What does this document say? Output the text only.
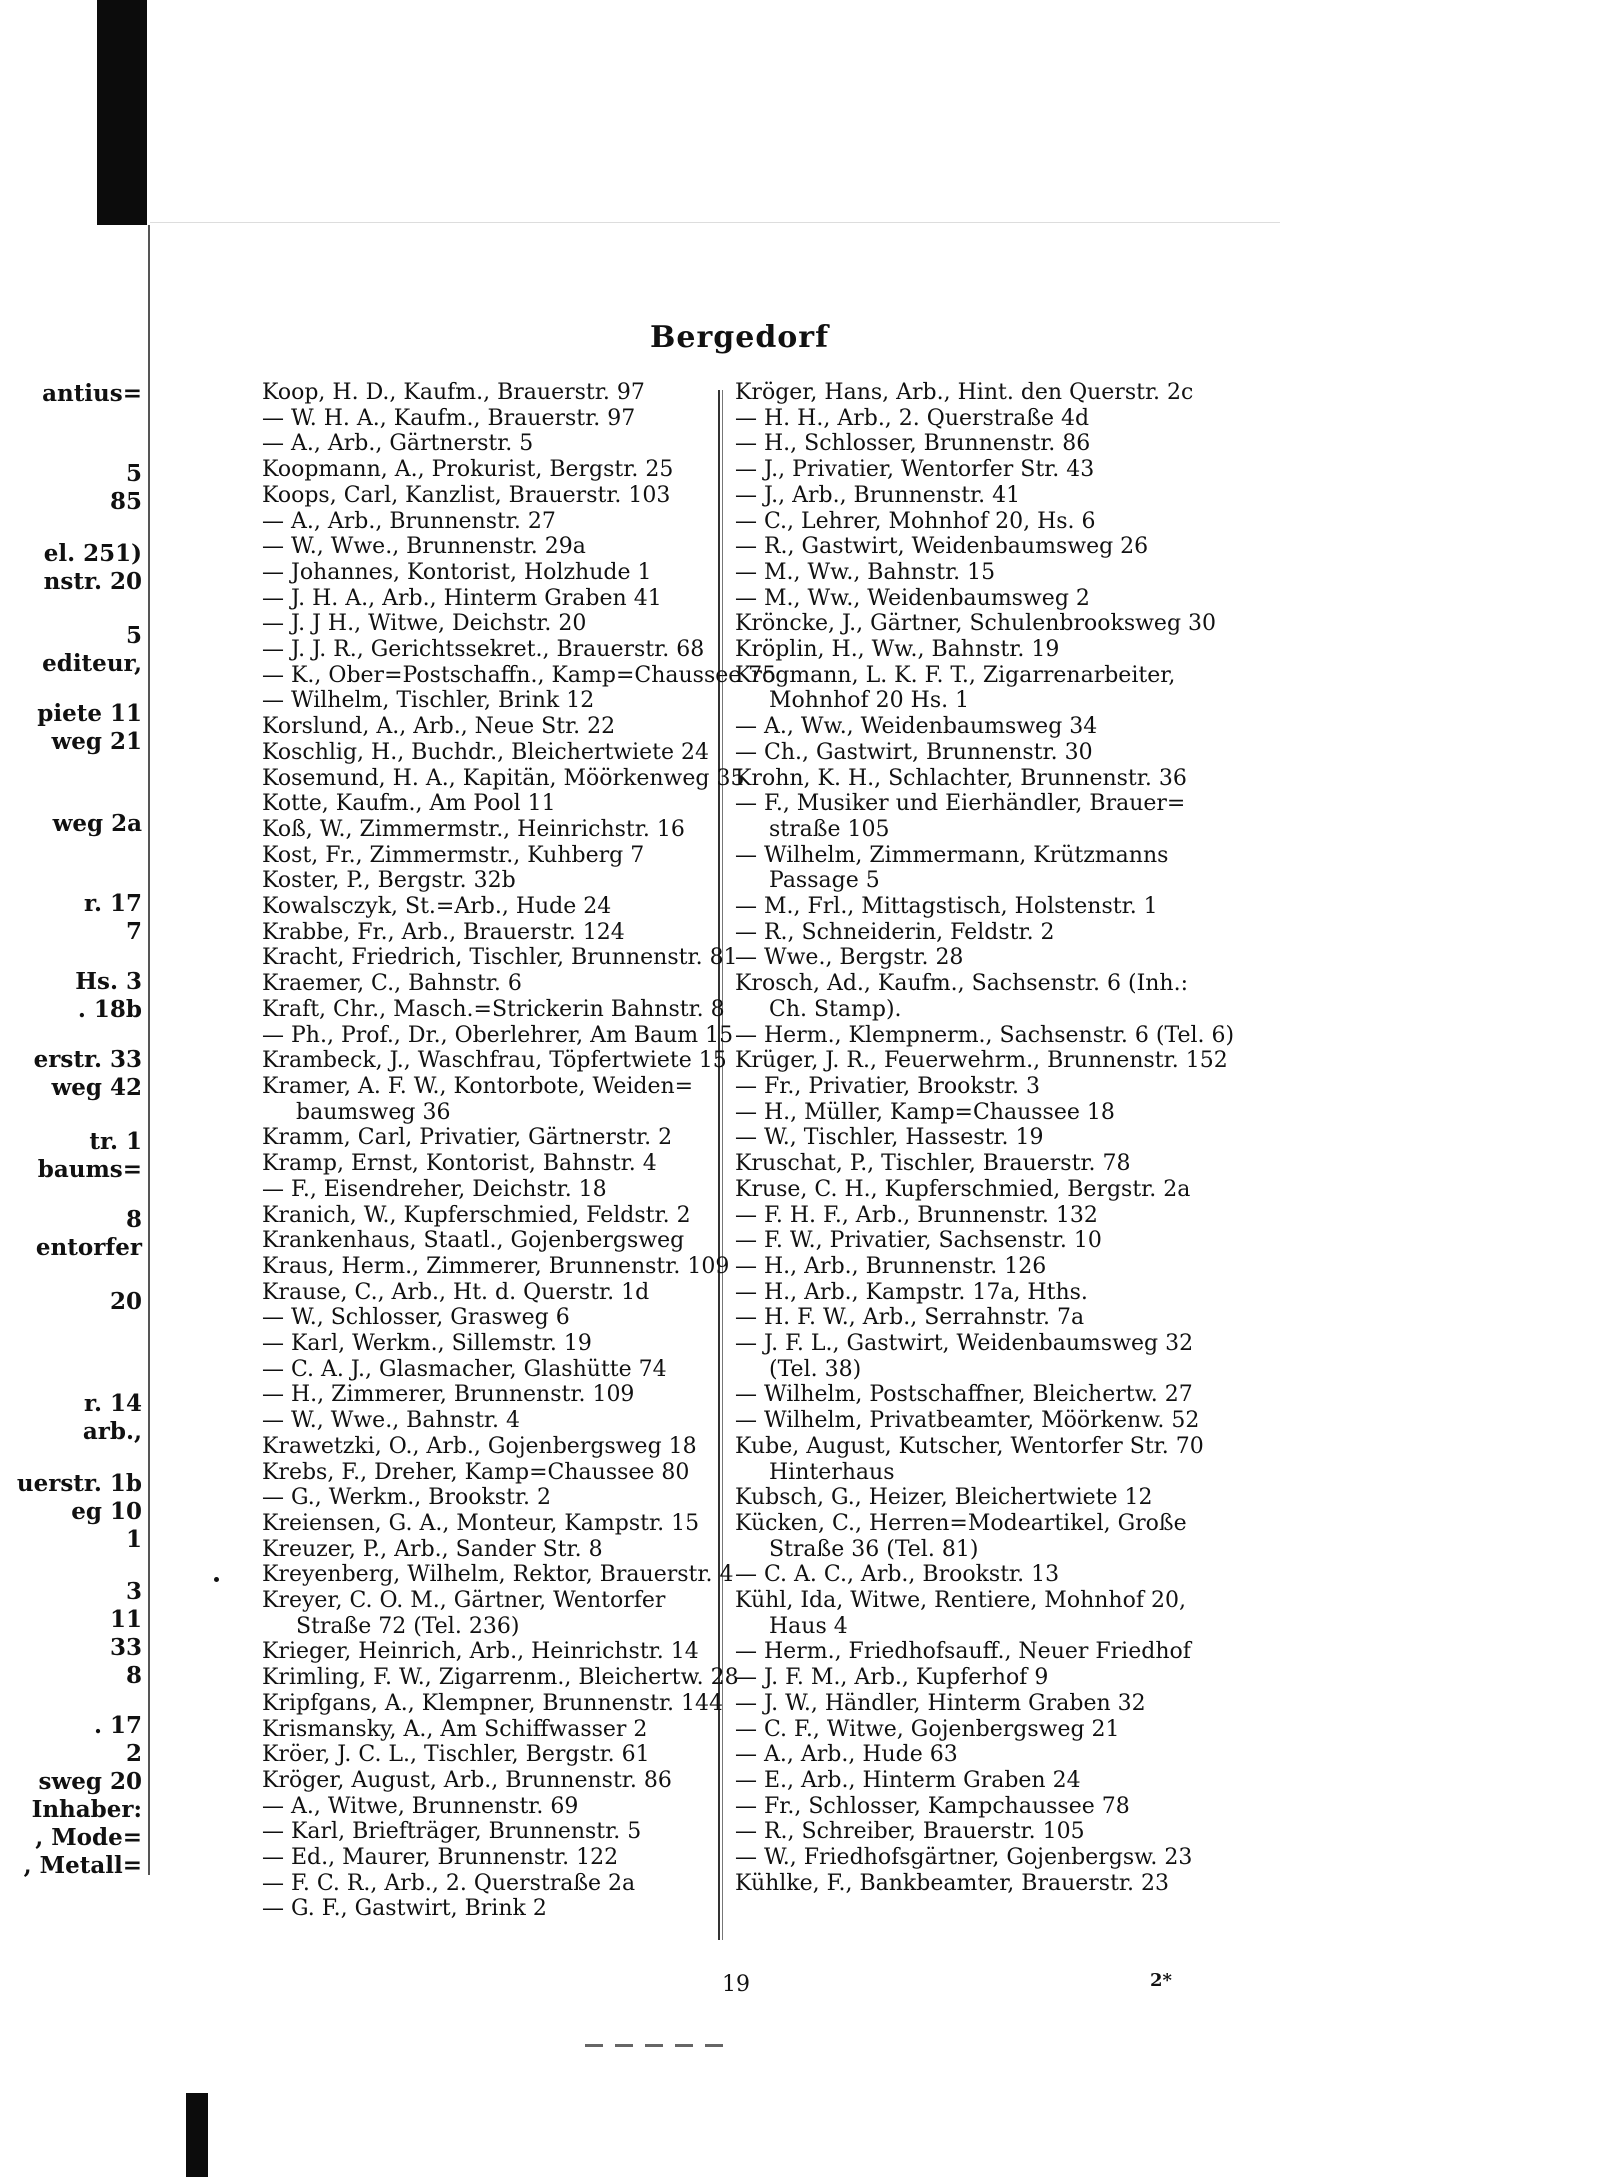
antius=
5
85
el. 251)
nstr. 20
5
editeur,
piete 11
weg 21
weg 2a
r. 17
7
Hs. 3
. 18b
erstr. 33
weg 42
tr. 1
baums=
8
entorfer
20
r. 14
arb.,
uerstr. 1b
eg 10
1
3
11
33
8
. 17
2
sweg 20
Inhaber:
, Mode=
, Metall=
Bergedorf
Koop, H. D., Kaufm., Brauerstr. 97
— W. H. A., Kaufm., Brauerstr. 97
— A., Arb., Gärtnerstr. 5
Koopmann, A., Prokurist, Bergstr. 25
Koops, Carl, Kanzlist, Brauerstr. 103
— A., Arb., Brunnenstr. 27
— W., Wwe., Brunnenstr. 29a
— Johannes, Kontorist, Holzhude 1
— J. H. A., Arb., Hinterm Graben 41
— J. J H., Witwe, Deichstr. 20
— J. J. R., Gerichtssekret., Brauerstr. 68
— K., Ober=Postschaffn., Kamp=Chaussee 75
— Wilhelm, Tischler, Brink 12
Korslund, A., Arb., Neue Str. 22
Koschlig, H., Buchdr., Bleichertwiete 24
Kosemund, H. A., Kapitän, Möörkenweg 35
Kotte, Kaufm., Am Pool 11
Koß, W., Zimmermstr., Heinrichstr. 16
Kost, Fr., Zimmermstr., Kuhberg 7
Koster, P., Bergstr. 32b
Kowalsczyk, St.=Arb., Hude 24
Krabbe, Fr., Arb., Brauerstr. 124
Kracht, Friedrich, Tischler, Brunnenstr. 81
Kraemer, C., Bahnstr. 6
Kraft, Chr., Masch.=Strickerin Bahnstr. 8
— Ph., Prof., Dr., Oberlehrer, Am Baum 15
Krambeck, J., Waschfrau, Töpfertwiete 15
Kramer, A. F. W., Kontorbote, Weiden=
baumsweg 36
Kramm, Carl, Privatier, Gärtnerstr. 2
Kramp, Ernst, Kontorist, Bahnstr. 4
— F., Eisendreher, Deichstr. 18
Kranich, W., Kupferschmied, Feldstr. 2
Krankenhaus, Staatl., Gojenbergsweg
Kraus, Herm., Zimmerer, Brunnenstr. 109
Krause, C., Arb., Ht. d. Querstr. 1d
— W., Schlosser, Grasweg 6
— Karl, Werkm., Sillemstr. 19
— C. A. J., Glasmacher, Glashütte 74
— H., Zimmerer, Brunnenstr. 109
— W., Wwe., Bahnstr. 4
Krawetzki, O., Arb., Gojenbergsweg 18
Krebs, F., Dreher, Kamp=Chaussee 80
— G., Werkm., Brookstr. 2
Kreiensen, G. A., Monteur, Kampstr. 15
Kreuzer, P., Arb., Sander Str. 8
Kreyenberg, Wilhelm, Rektor, Brauerstr. 4
Kreyer, C. O. M., Gärtner, Wentorfer
Straße 72 (Tel. 236)
Krieger, Heinrich, Arb., Heinrichstr. 14
Krimling, F. W., Zigarrenm., Bleichertw. 28
Kripfgans, A., Klempner, Brunnenstr. 144
Krismansky, A., Am Schiffwasser 2
Kröer, J. C. L., Tischler, Bergstr. 61
Kröger, August, Arb., Brunnenstr. 86
— A., Witwe, Brunnenstr. 69
— Karl, Briefträger, Brunnenstr. 5
— Ed., Maurer, Brunnenstr. 122
— F. C. R., Arb., 2. Querstraße 2a
— G. F., Gastwirt, Brink 2
Kröger, Hans, Arb., Hint. den Querstr. 2c
— H. H., Arb., 2. Querstraße 4d
— H., Schlosser, Brunnenstr. 86
— J., Privatier, Wentorfer Str. 43
— J., Arb., Brunnenstr. 41
— C., Lehrer, Mohnhof 20, Hs. 6
— R., Gastwirt, Weidenbaumsweg 26
— M., Ww., Bahnstr. 15
— M., Ww., Weidenbaumsweg 2
Kröncke, J., Gärtner, Schulenbrooksweg 30
Kröplin, H., Ww., Bahnstr. 19
Krogmann, L. K. F. T., Zigarrenarbeiter,
Mohnhof 20 Hs. 1
— A., Ww., Weidenbaumsweg 34
— Ch., Gastwirt, Brunnenstr. 30
Krohn, K. H., Schlachter, Brunnenstr. 36
— F., Musiker und Eierhändler, Brauer=
straße 105
— Wilhelm, Zimmermann, Krützmanns
Passage 5
— M., Frl., Mittagstisch, Holstenstr. 1
— R., Schneiderin, Feldstr. 2
— Wwe., Bergstr. 28
Krosch, Ad., Kaufm., Sachsenstr. 6 (Inh.:
Ch. Stamp).
— Herm., Klempnerm., Sachsenstr. 6 (Tel. 6)
Krüger, J. R., Feuerwehrm., Brunnenstr. 152
— Fr., Privatier, Brookstr. 3
— H., Müller, Kamp=Chaussee 18
— W., Tischler, Hassestr. 19
Kruschat, P., Tischler, Brauerstr. 78
Kruse, C. H., Kupferschmied, Bergstr. 2a
— F. H. F., Arb., Brunnenstr. 132
— F. W., Privatier, Sachsenstr. 10
— H., Arb., Brunnenstr. 126
— H., Arb., Kampstr. 17a, Hths.
— H. F. W., Arb., Serrahnstr. 7a
— J. F. L., Gastwirt, Weidenbaumsweg 32
(Tel. 38)
— Wilhelm, Postschaffner, Bleichertw. 27
— Wilhelm, Privatbeamter, Möörkenw. 52
Kube, August, Kutscher, Wentorfer Str. 70
Hinterhaus
Kubsch, G., Heizer, Bleichertwiete 12
Kücken, C., Herren=Modeartikel, Große
Straße 36 (Tel. 81)
— C. A. C., Arb., Brookstr. 13
Kühl, Ida, Witwe, Rentiere, Mohnhof 20,
Haus 4
— Herm., Friedhofsauff., Neuer Friedhof
— J. F. M., Arb., Kupferhof 9
— J. W., Händler, Hinterm Graben 32
— C. F., Witwe, Gojenbergsweg 21
— A., Arb., Hude 63
— E., Arb., Hinterm Graben 24
— Fr., Schlosser, Kampchaussee 78
— R., Schreiber, Brauerstr. 105
— W., Friedhofsgärtner, Gojenbergsw. 23
Kühlke, F., Bankbeamter, Brauerstr. 23
19	2*
